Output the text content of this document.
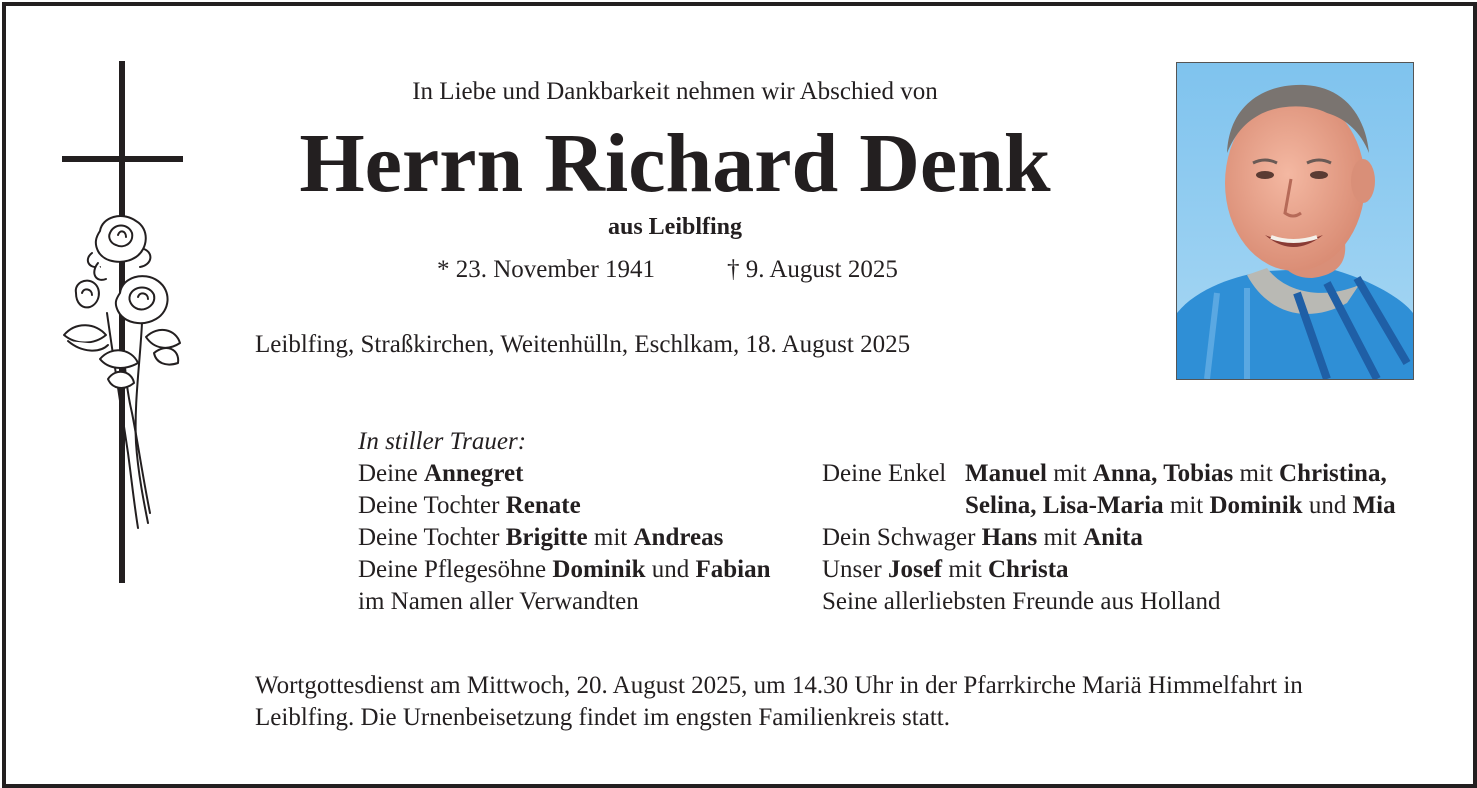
In Liebe und Dankbarkeit nehmen wir Abschied von
Herrn Richard Denk
aus Leiblfing
* 23. November 1941	† 9. August 2025
Leiblfing, Straßkirchen, Weitenhülln, Eschlkam, 18. August 2025
In stiller Trauer:
Deine Annegret
Deine Tochter Renate
Deine Tochter Brigitte mit Andreas
Deine Pflegesöhne Dominik und Fabian
im Namen aller Verwandten
Deine Enkel Manuel mit Anna, Tobias mit Christina,
Selina, Lisa-Maria mit Dominik und Mia
Dein Schwager Hans mit Anita
Unser Josef mit Christa
Seine allerliebsten Freunde aus Holland
Wortgottesdienst am Mittwoch, 20. August 2025, um 14.30 Uhr in der Pfarrkirche Mariä Himmelfahrt in
Leiblfing. Die Urnenbeisetzung findet im engsten Familienkreis statt.
